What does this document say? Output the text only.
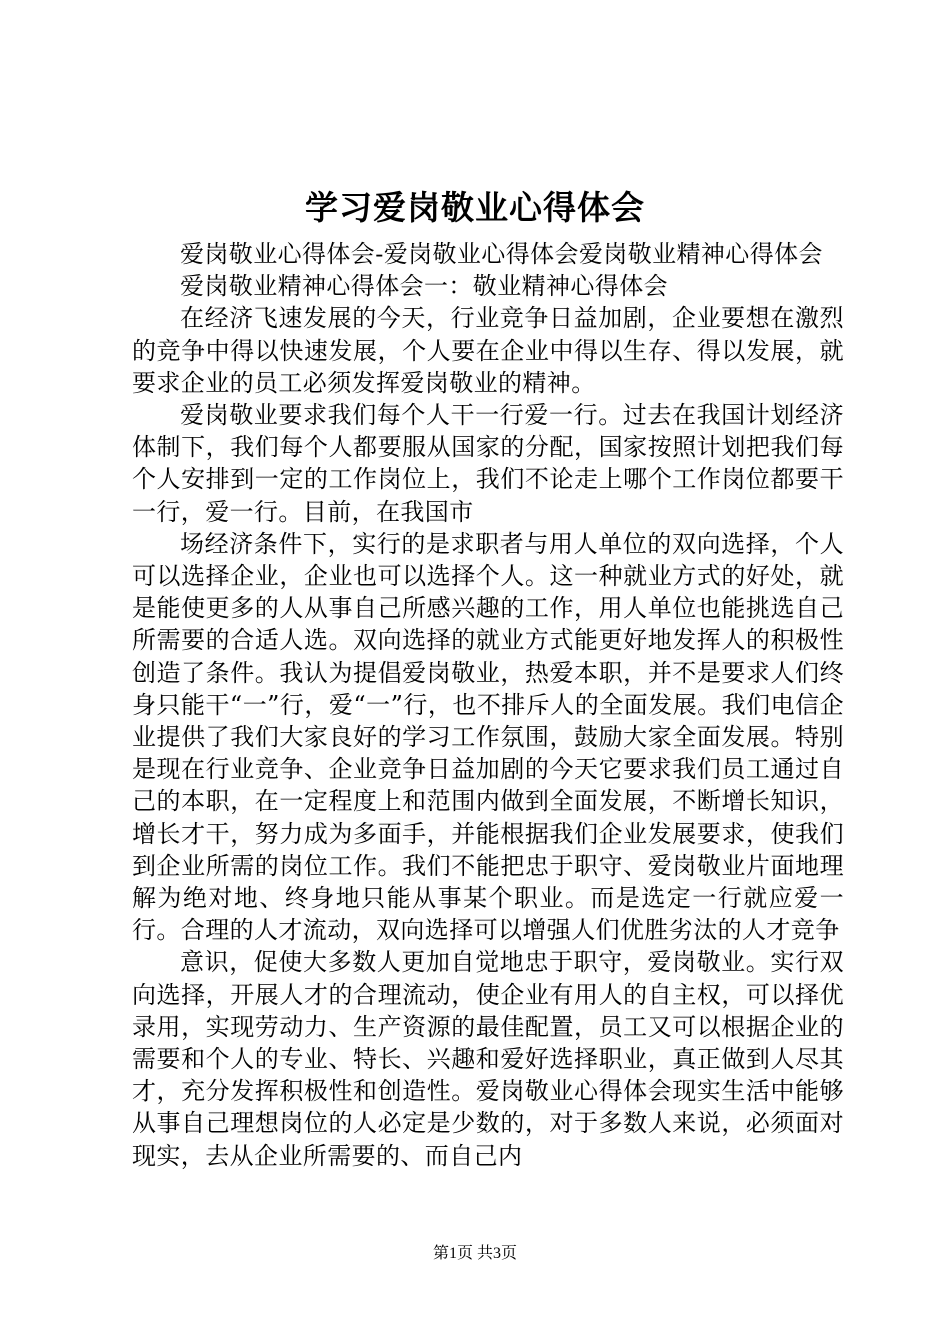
学习爱岗敬业心得体会

爱岗敬业心得体会-爱岗敬业心得体会爱岗敬业精神心得体会

爱岗敬业精神心得体会一：敬业精神心得体会

在经济飞速发展的今天，行业竞争日益加剧，企业要想在激烈的竞争中得以快速发展，个人要在企业中得以生存、得以发展，就要求企业的员工必须发挥爱岗敬业的精神。

爱岗敬业要求我们每个人干一行爱一行。过去在我国计划经济体制下，我们每个人都要服从国家的分配，国家按照计划把我们每个人安排到一定的工作岗位上，我们不论走上哪个工作岗位都要干一行，爱一行。目前，在我国市

场经济条件下，实行的是求职者与用人单位的双向选择，个人可以选择企业，企业也可以选择个人。这一种就业方式的好处，就是能使更多的人从事自己所感兴趣的工作，用人单位也能挑选自己所需要的合适人选。双向选择的就业方式能更好地发挥人的积极性创造了条件。我认为提倡爱岗敬业，热爱本职，并不是要求人们终身只能干“一”行，爱“一”行，也不排斥人的全面发展。我们电信企业提供了我们大家良好的学习工作氛围，鼓励大家全面发展。特别是现在行业竞争、企业竞争日益加剧的今天它要求我们员工通过自己的本职，在一定程度上和范围内做到全面发展，不断增长知识，增长才干，努力成为多面手，并能根据我们企业发展要求，使我们到企业所需的岗位工作。我们不能把忠于职守、爱岗敬业片面地理解为绝对地、终身地只能从事某个职业。而是选定一行就应爱一行。合理的人才流动，双向选择可以增强人们优胜劣汰的人才竞争

意识，促使大多数人更加自觉地忠于职守，爱岗敬业。实行双向选择，开展人才的合理流动，使企业有用人的自主权，可以择优录用，实现劳动力、生产资源的最佳配置，员工又可以根据企业的需要和个人的专业、特长、兴趣和爱好选择职业，真正做到人尽其才，充分发挥积极性和创造性。爱岗敬业心得体会现实生活中能够从事自己理想岗位的人必定是少数的，对于多数人来说，必须面对现实，去从企业所需要的、而自己内

第1页 共3页
